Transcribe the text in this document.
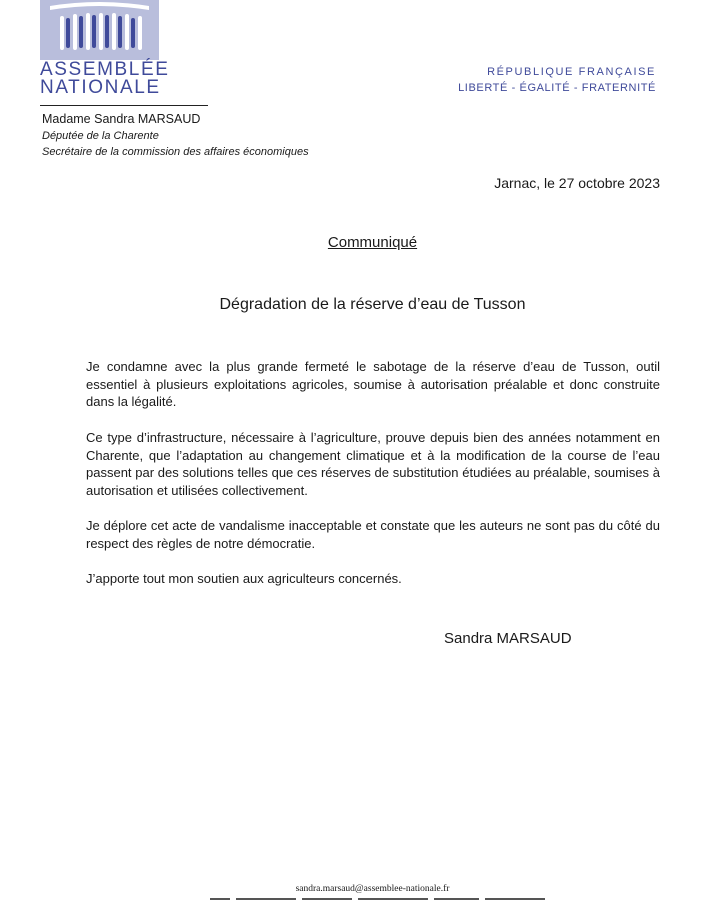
ASSEMBLÉE
NATIONALE
RÉPUBLIQUE FRANÇAISE
LIBERTÉ - ÉGALITÉ - FRATERNITÉ
Madame Sandra MARSAUD
Députée de la Charente
Secrétaire de la commission des affaires économiques
Jarnac, le 27 octobre 2023
Communiqué
Dégradation de la réserve d’eau de Tusson

Je condamne avec la plus grande fermeté le sabotage de la réserve d’eau de Tusson, outil essentiel à plusieurs exploitations agricoles, soumise à autorisation préalable et donc construite dans la légalité.

Ce type d’infrastructure, nécessaire à l’agriculture, prouve depuis bien des années notamment en Charente, que l’adaptation au changement climatique et à la modification de la course de l’eau passent par des solutions telles que ces réserves de substitution étudiées au préalable, soumises à autorisation et utilisées collectivement.

Je déplore cet acte de vandalisme inacceptable et constate que les auteurs ne sont pas du côté du respect des règles de notre démocratie.

J’apporte tout mon soutien aux agriculteurs concernés.

Sandra MARSAUD
sandra.marsaud@assemblee-nationale.fr
